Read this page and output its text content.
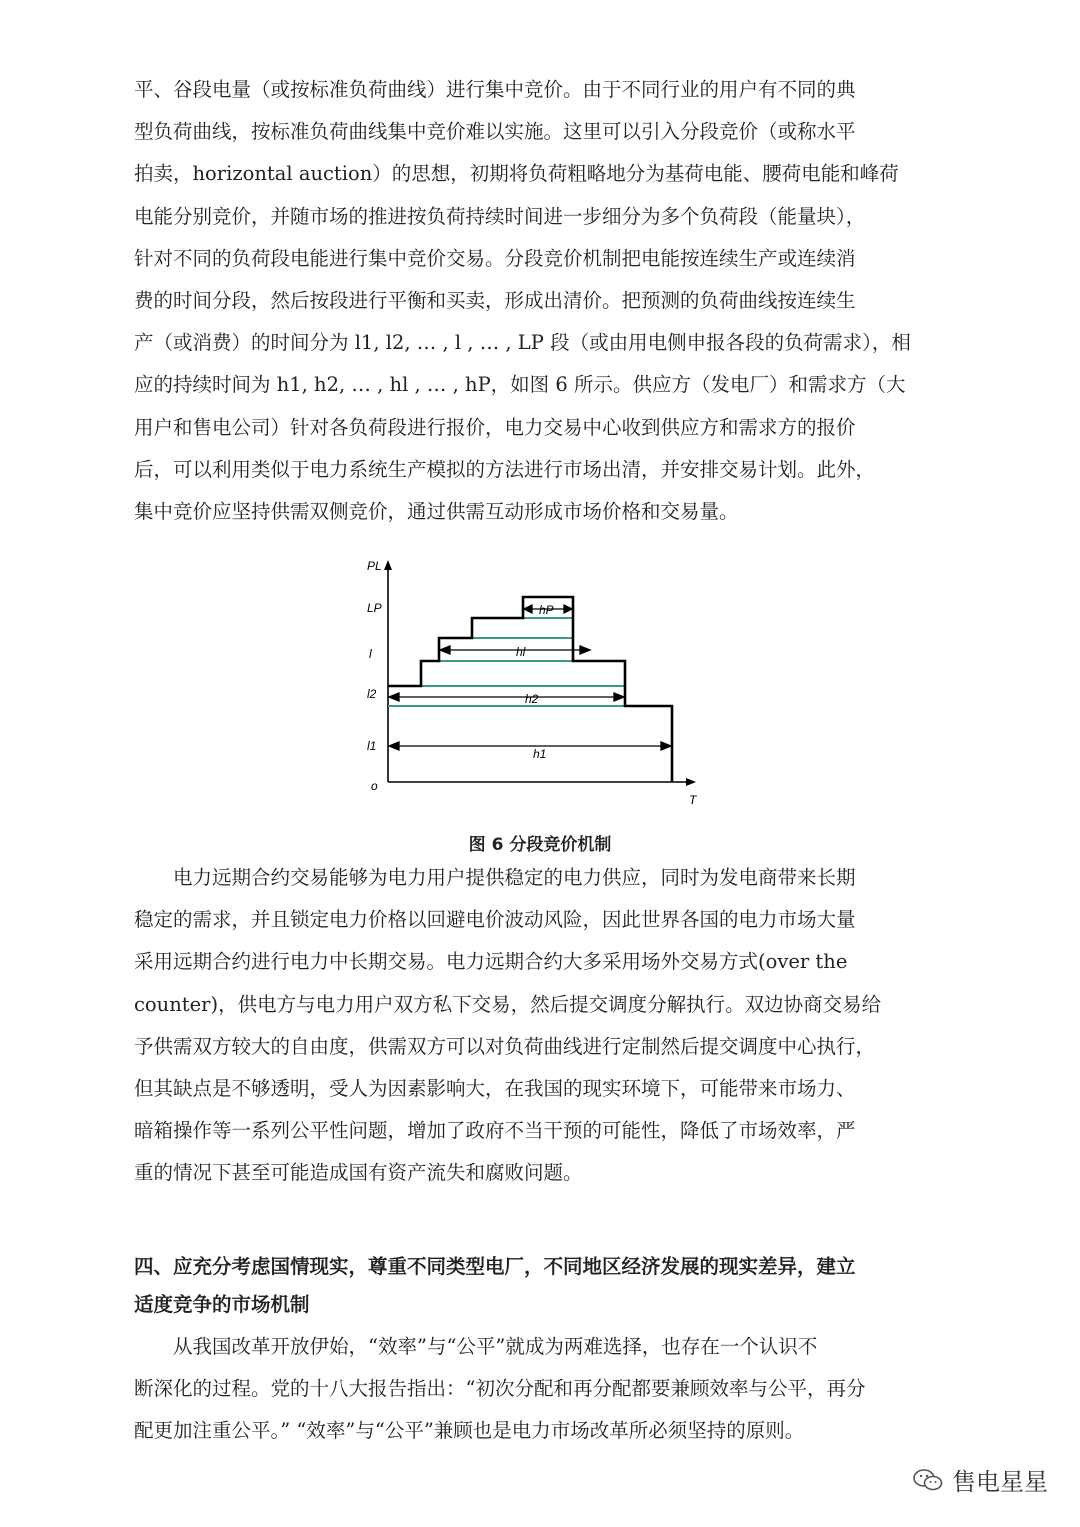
平、谷段电量（或按标准负荷曲线）进行集中竞价。由于不同行业的用户有不同的典
型负荷曲线，按标准负荷曲线集中竞价难以实施。这里可以引入分段竞价（或称水平
拍卖，horizontal auction）的思想，初期将负荷粗略地分为基荷电能、腰荷电能和峰荷
电能分别竞价，并随市场的推进按负荷持续时间进一步细分为多个负荷段（能量块），
针对不同的负荷段电能进行集中竞价交易。分段竞价机制把电能按连续生产或连续消
费的时间分段，然后按段进行平衡和买卖，形成出清价。把预测的负荷曲线按连续生
产（或消费）的时间分为 l1, l2, … , l , … , LP 段（或由用电侧申报各段的负荷需求），相
应的持续时间为 h1, h2, … , hl , … , hP，如图 6 所示。供应方（发电厂）和需求方（大
用户和售电公司）针对各负荷段进行报价，电力交易中心收到供应方和需求方的报价
后，可以利用类似于电力系统生产模拟的方法进行市场出清，并安排交易计划。此外，
集中竞价应坚持供需双侧竞价，通过供需互动形成市场价格和交易量。
PL
LP
l
l2
l1
o
T
hP
hl
h2
h1
图 6 分段竞价机制
电力远期合约交易能够为电力用户提供稳定的电力供应，同时为发电商带来长期
稳定的需求，并且锁定电力价格以回避电价波动风险，因此世界各国的电力市场大量
采用远期合约进行电力中长期交易。电力远期合约大多采用场外交易方式(over the
counter)，供电方与电力用户双方私下交易，然后提交调度分解执行。双边协商交易给
予供需双方较大的自由度，供需双方可以对负荷曲线进行定制然后提交调度中心执行，
但其缺点是不够透明，受人为因素影响大，在我国的现实环境下，可能带来市场力、
暗箱操作等一系列公平性问题，增加了政府不当干预的可能性，降低了市场效率，严
重的情况下甚至可能造成国有资产流失和腐败问题。
四、应充分考虑国情现实，尊重不同类型电厂，不同地区经济发展的现实差异，建立
适度竞争的市场机制
从我国改革开放伊始，“效率”与“公平”就成为两难选择，也存在一个认识不
断深化的过程。党的十八大报告指出：“初次分配和再分配都要兼顾效率与公平，再分
配更加注重公平。” “效率”与“公平”兼顾也是电力市场改革所必须坚持的原则。
售电星星
